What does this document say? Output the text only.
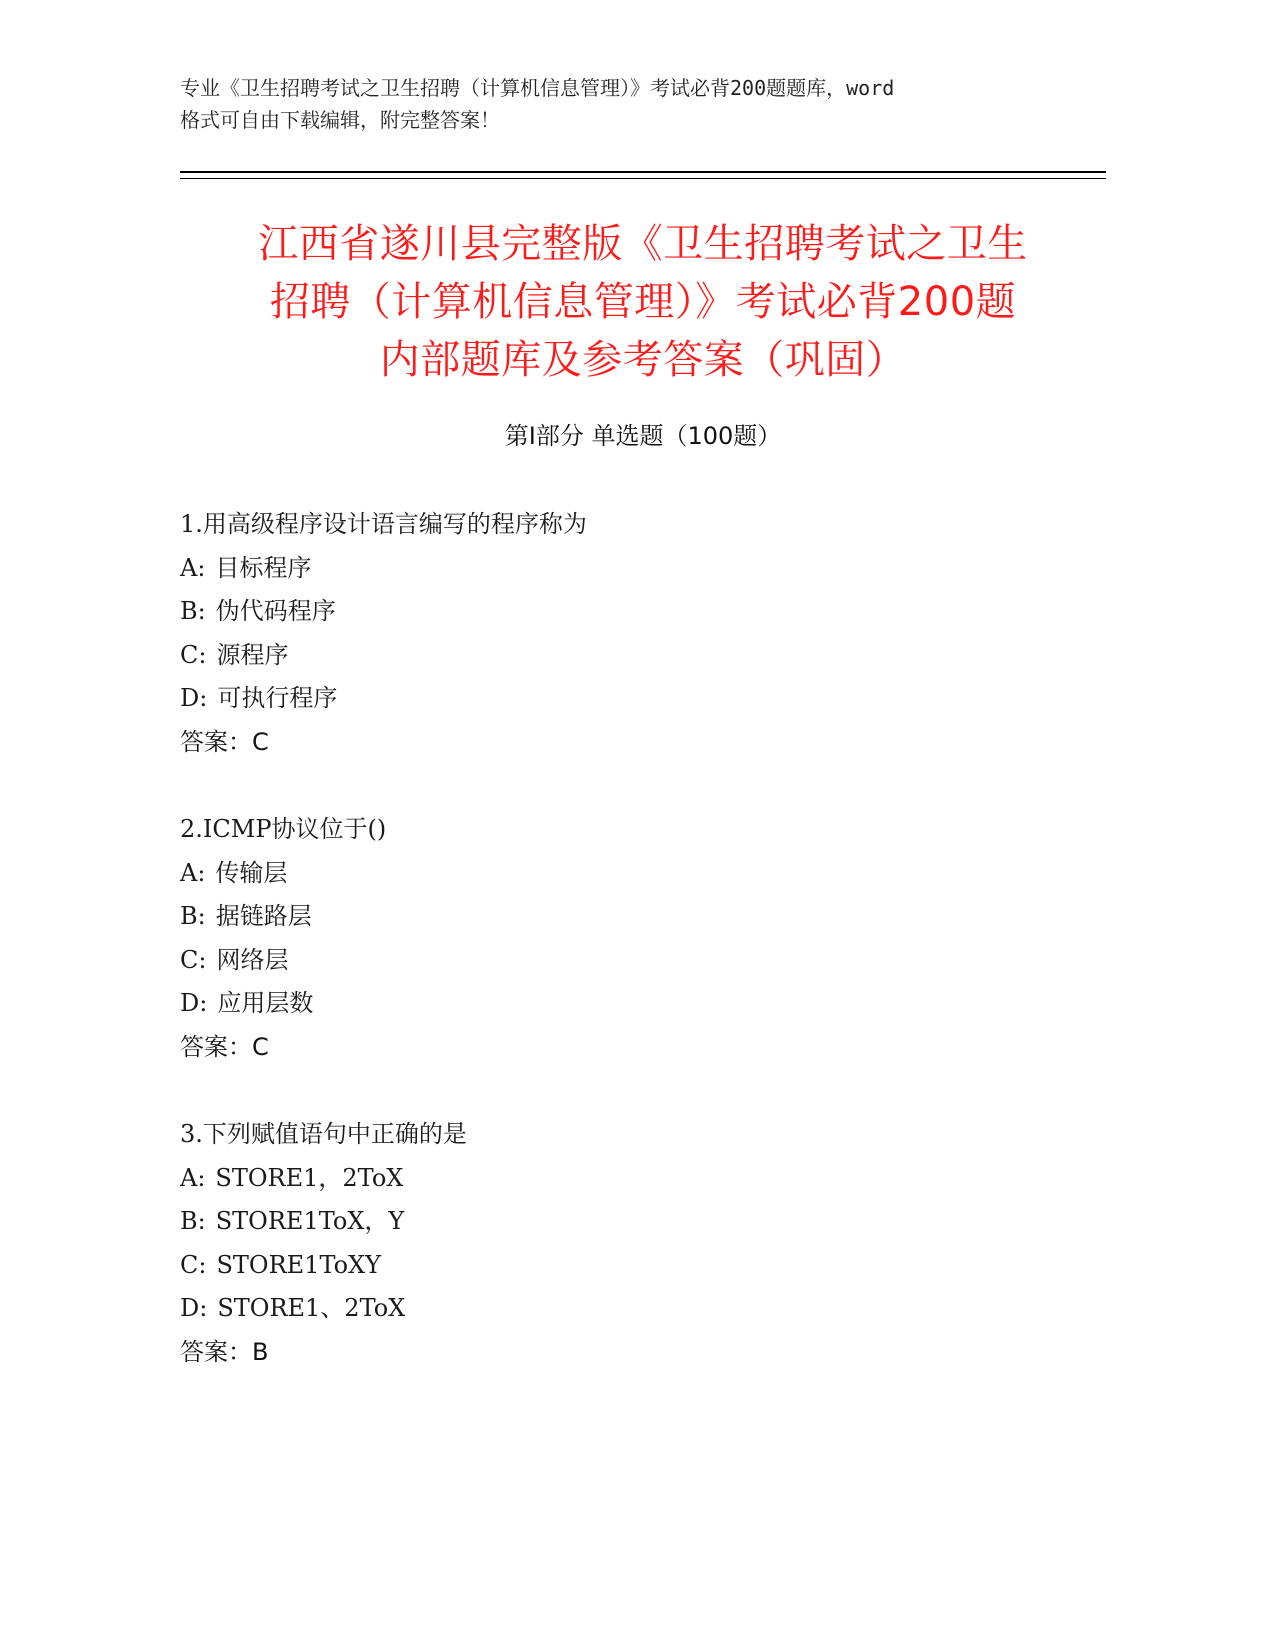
专业《卫生招聘考试之卫生招聘（计算机信息管理）》考试必背200题题库，word
格式可自由下载编辑，附完整答案！
江西省遂川县完整版《卫生招聘考试之卫生
招聘（计算机信息管理）》考试必背200题
内部题库及参考答案（巩固）
第Ⅰ部分 单选题（100题）
1.用高级程序设计语言编写的程序称为
A: 目标程序
B: 伪代码程序
C: 源程序
D: 可执行程序
答案：C
2.ICMP协议位于()
A: 传输层
B: 据链路层
C: 网络层
D: 应用层数
答案：C
3.下列赋值语句中正确的是
A: STORE1，2ToX
B: STORE1ToX，Y
C: STORE1ToXY
D: STORE1、2ToX
答案：B
